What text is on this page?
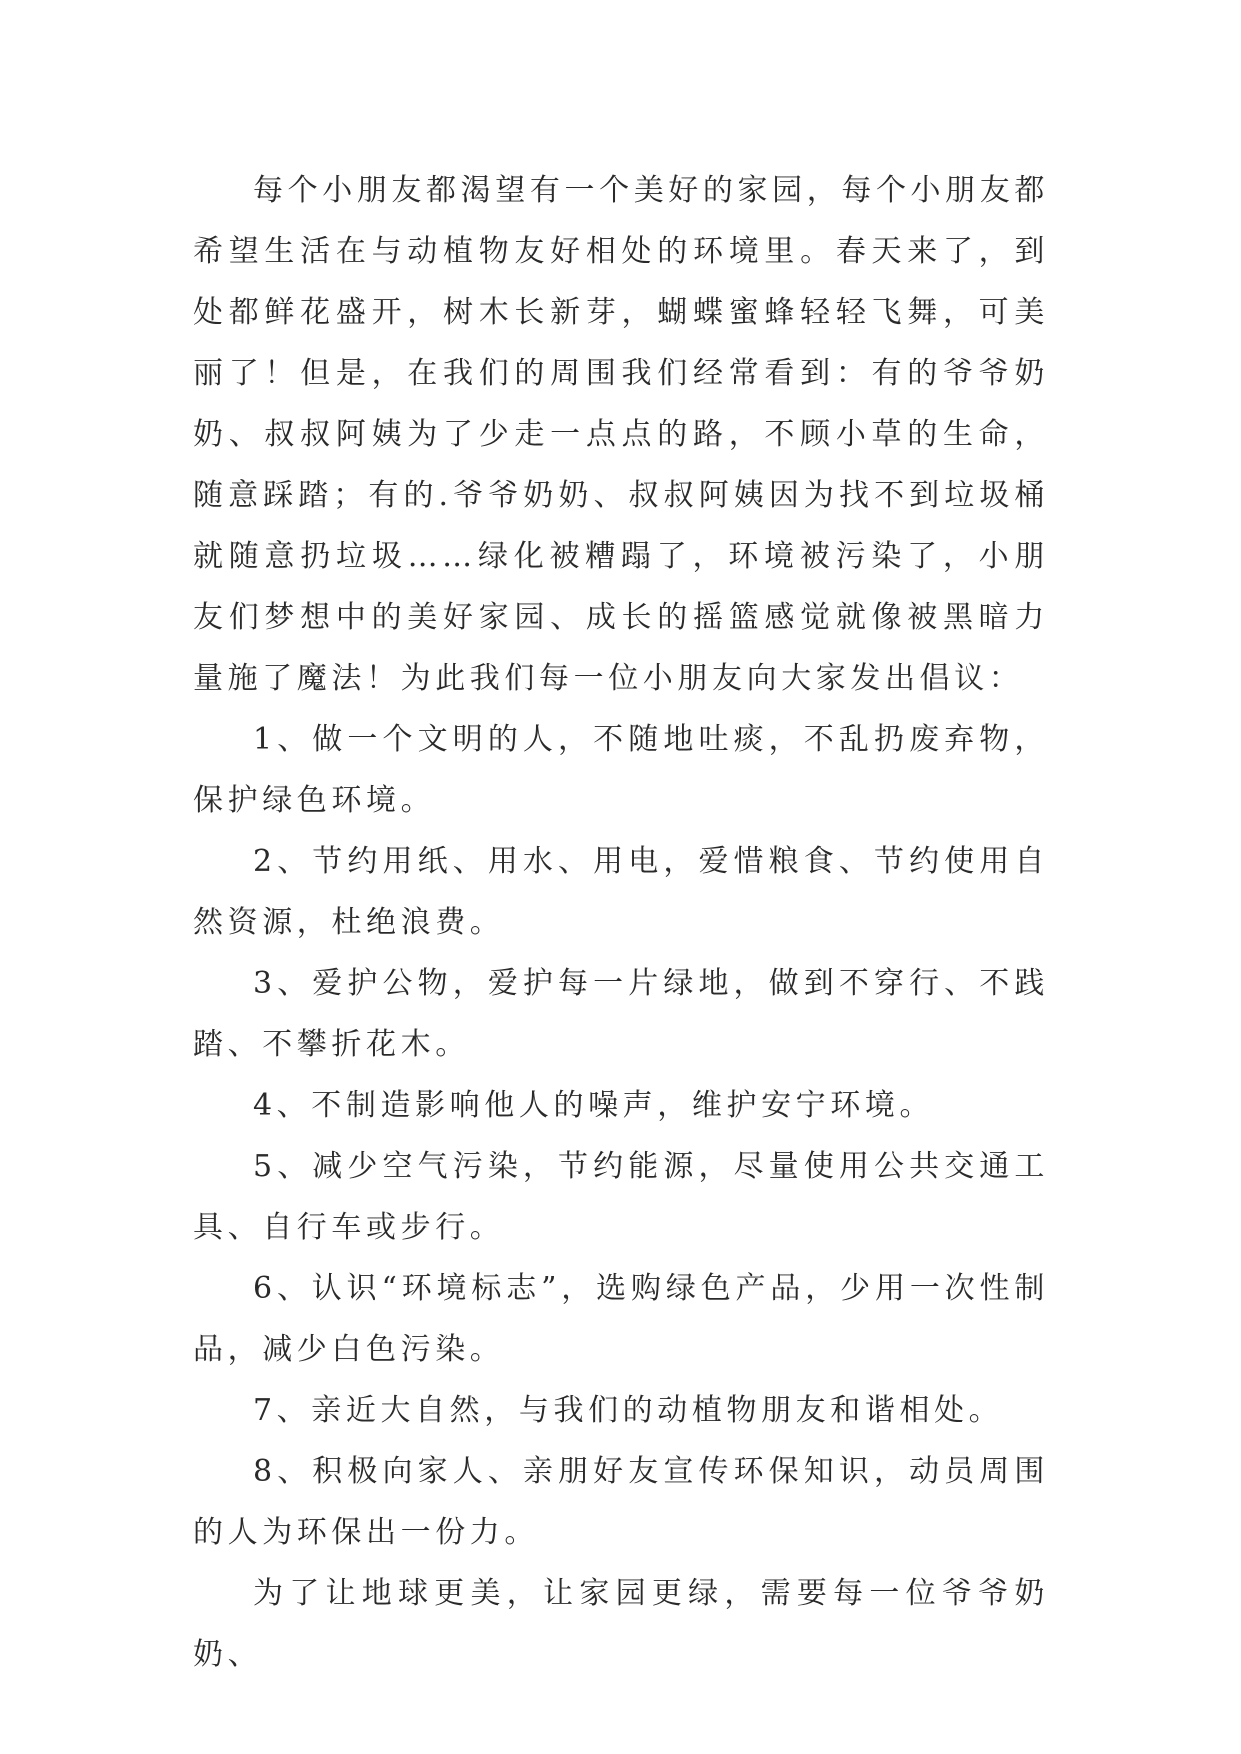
每个小朋友都渴望有一个美好的家园，每个小朋友都希望生活在与动植物友好相处的环境里。春天来了，到处都鲜花盛开，树木长新芽，蝴蝶蜜蜂轻轻飞舞，可美丽了！但是，在我们的周围我们经常看到：有的爷爷奶奶、叔叔阿姨为了少走一点点的路，不顾小草的生命，随意踩踏；有的.爷爷奶奶、叔叔阿姨因为找不到垃圾桶就随意扔垃圾……绿化被糟蹋了，环境被污染了，小朋友们梦想中的美好家园、成长的摇篮感觉就像被黑暗力量施了魔法！为此我们每一位小朋友向大家发出倡议：

1、做一个文明的人，不随地吐痰，不乱扔废弃物，保护绿色环境。

2、节约用纸、用水、用电，爱惜粮食、节约使用自然资源，杜绝浪费。

3、爱护公物，爱护每一片绿地，做到不穿行、不践踏、不攀折花木。

4、不制造影响他人的噪声，维护安宁环境。

5、减少空气污染，节约能源，尽量使用公共交通工具、自行车或步行。

6、认识“环境标志”，选购绿色产品，少用一次性制品，减少白色污染。

7、亲近大自然，与我们的动植物朋友和谐相处。

8、积极向家人、亲朋好友宣传环保知识，动员周围的人为环保出一份力。

为了让地球更美，让家园更绿，需要每一位爷爷奶奶、
